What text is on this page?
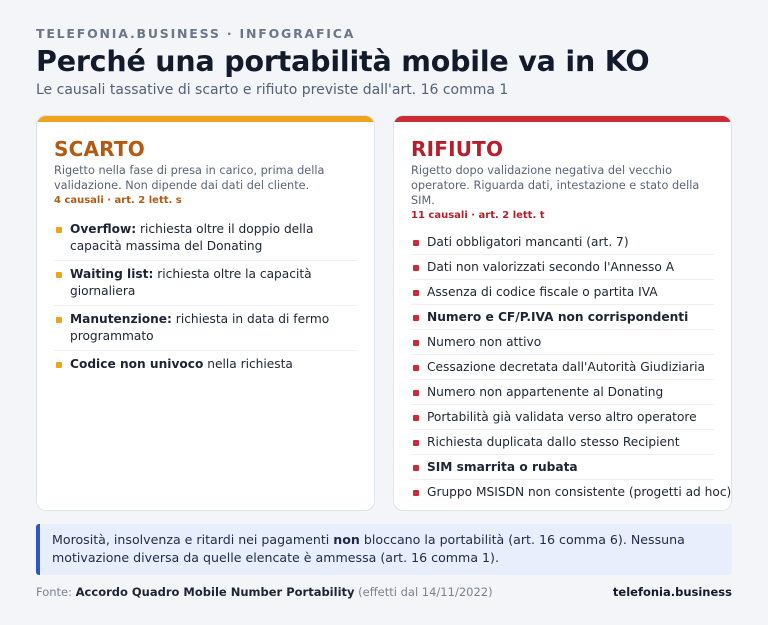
TELEFONIA.BUSINESS · INFOGRAFICA
Perché una portabilità mobile va in KO
Le causali tassative di scarto e rifiuto previste dall'art. 16 comma 1
SCARTO

Rigetto nella fase di presa in carico, prima della validazione. Non dipende dai dati del cliente.

4 causali · art. 2 lett. s
Overflow: richiesta oltre il doppio della capacità massima del Donating
Waiting list: richiesta oltre la capacità giornaliera
Manutenzione: richiesta in data di fermo programmato
Codice non univoco nella richiesta
RIFIUTO

Rigetto dopo validazione negativa del vecchio operatore. Riguarda dati, intestazione e stato della SIM.

11 causali · art. 2 lett. t
Dati obbligatori mancanti (art. 7)
Dati non valorizzati secondo l'Annesso A
Assenza di codice fiscale o partita IVA
Numero e CF/P.IVA non corrispondenti
Numero non attivo
Cessazione decretata dall'Autorità Giudiziaria
Numero non appartenente al Donating
Portabilità già validata verso altro operatore
Richiesta duplicata dallo stesso Recipient
SIM smarrita o rubata
Gruppo MSISDN non consistente (progetti ad hoc)
Morosità, insolvenza e ritardi nei pagamenti non bloccano la portabilità (art. 16 comma 6). Nessuna motivazione diversa da quelle elencate è ammessa (art. 16 comma 1).
Fonte: Accordo Quadro Mobile Number Portability (effetti dal 14/11/2022)	telefonia.business
